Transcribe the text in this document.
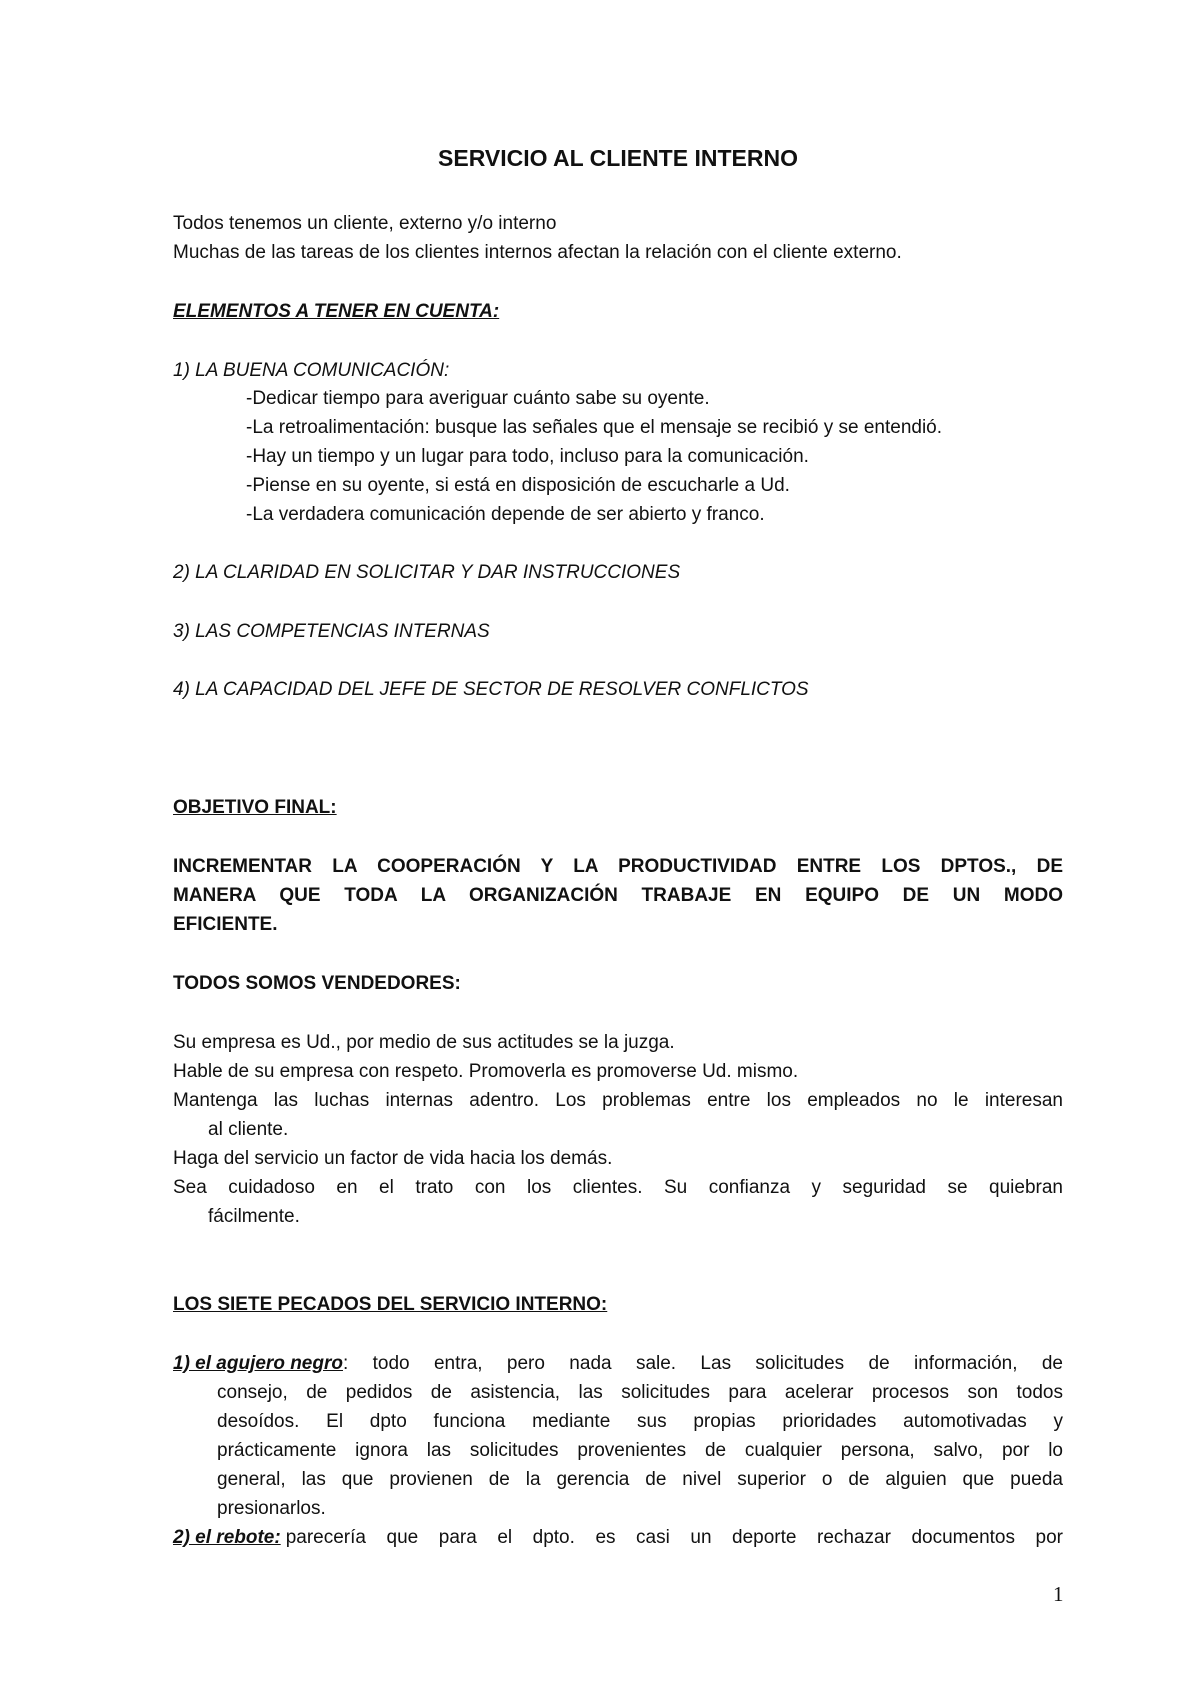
SERVICIO AL CLIENTE INTERNO
Todos tenemos un cliente, externo y/o interno
Muchas de las tareas de los clientes internos afectan la relación con el cliente externo.
ELEMENTOS A TENER EN CUENTA:
1) LA BUENA COMUNICACIÓN:
-Dedicar tiempo para averiguar cuánto sabe su oyente.
-La retroalimentación: busque las señales que el mensaje se recibió y se entendió.
-Hay un tiempo y un lugar para todo, incluso para la comunicación.
-Piense en su oyente, si está en disposición de escucharle a Ud.
-La verdadera comunicación depende de ser abierto y franco.
2) LA CLARIDAD EN SOLICITAR Y DAR INSTRUCCIONES
3) LAS COMPETENCIAS INTERNAS
4) LA CAPACIDAD DEL JEFE DE SECTOR DE RESOLVER CONFLICTOS
OBJETIVO FINAL:
INCREMENTAR LA COOPERACIÓN Y LA PRODUCTIVIDAD ENTRE LOS DPTOS., DE
MANERA QUE TODA LA ORGANIZACIÓN TRABAJE EN EQUIPO DE UN MODO
EFICIENTE.
TODOS SOMOS VENDEDORES:
Su empresa es Ud., por medio de sus actitudes se la juzga.
Hable de su empresa con respeto. Promoverla es promoverse Ud. mismo.
Mantenga las luchas internas adentro. Los problemas entre los empleados no le interesan
al cliente.
Haga del servicio un factor de vida hacia los demás.
Sea cuidadoso en el trato con los clientes. Su confianza y seguridad se quiebran
fácilmente.
LOS SIETE PECADOS DEL SERVICIO INTERNO:
1) el agujero negro : todo entra, pero nada sale. Las solicitudes de información, de
consejo, de pedidos de asistencia, las solicitudes para acelerar procesos son todos
desoídos. El dpto funciona mediante sus propias prioridades automotivadas y
prácticamente ignora las solicitudes provenientes de cualquier persona, salvo, por lo
general, las que provienen de la gerencia de nivel superior o de alguien que pueda
presionarlos.
2) el rebote: parecería que para el dpto. es casi un deporte rechazar documentos por
1
